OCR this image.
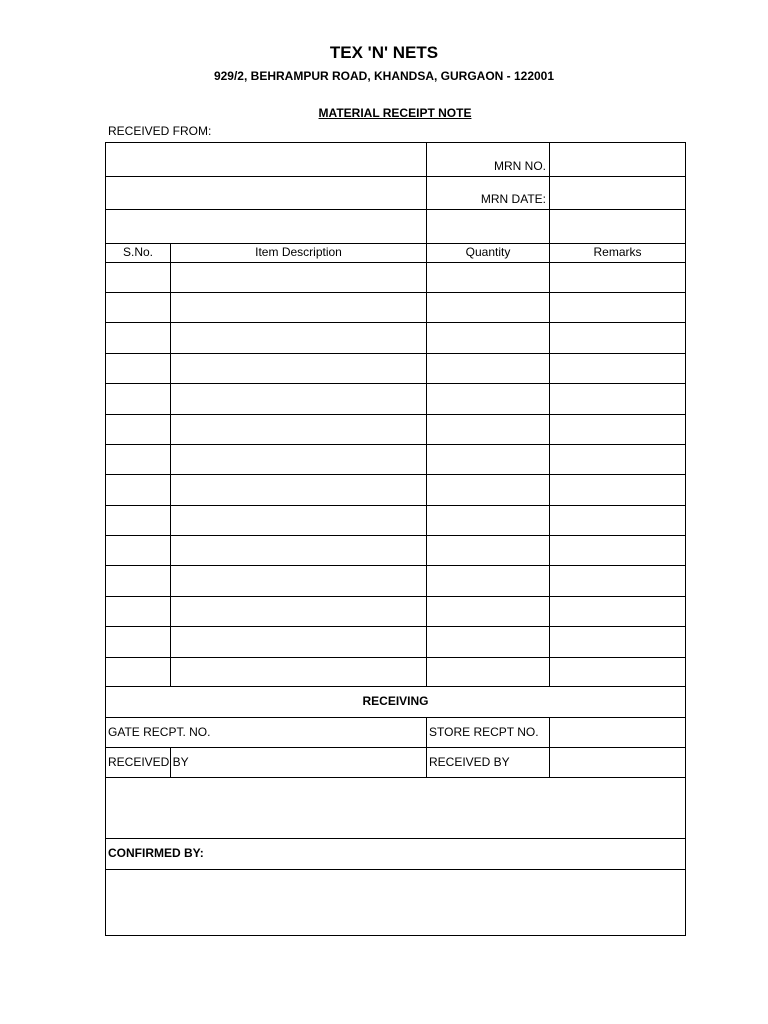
TEX 'N' NETS
929/2, BEHRAMPUR ROAD, KHANDSA, GURGAON - 122001
MATERIAL RECEIPT NOTE
RECEIVED FROM:
MRN NO.
MRN DATE:
S.No.	Item Description	Quantity	Remarks
RECEIVING
GATE RECPT. NO.	STORE RECPT NO.
RECEIVED BY	RECEIVED BY
CONFIRMED BY:
